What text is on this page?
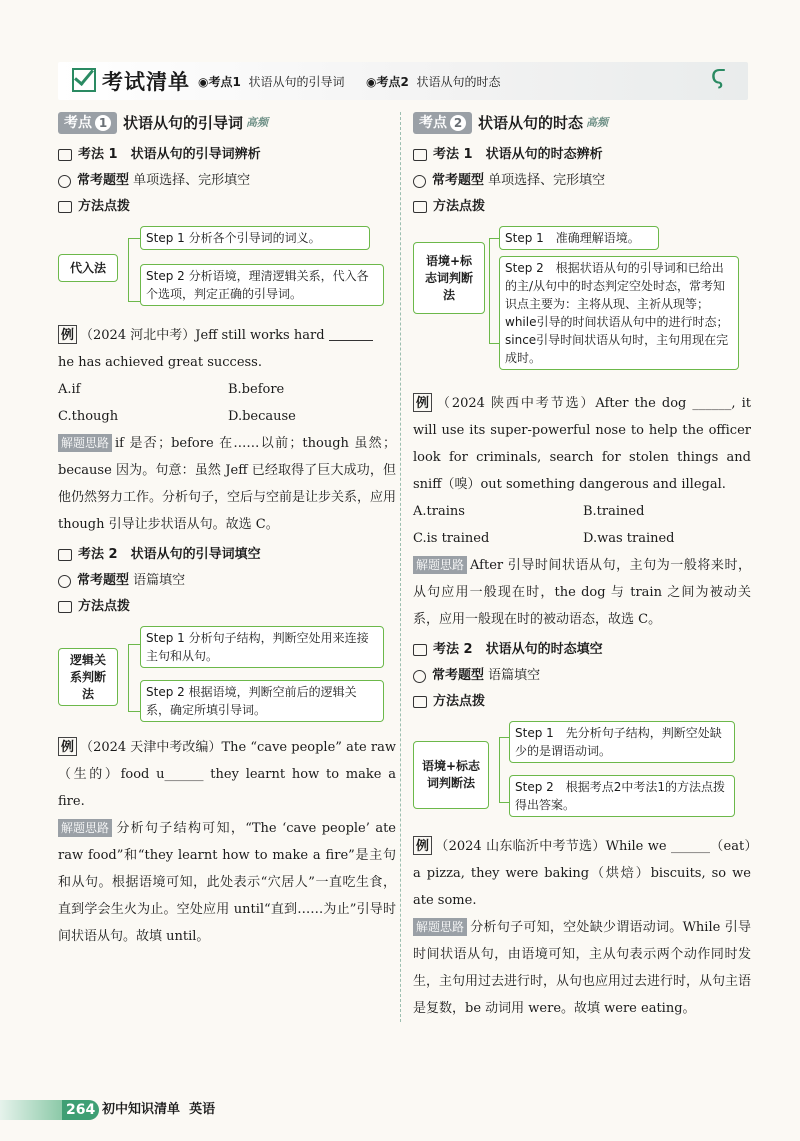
考试清单 ◉考点1 状语从句的引导词 ◉考点2 状语从句的时态	ϛ
考点 1 状语从句的引导词 高频
考法 1　状语从句的引导词辨析
常考题型
单项选择、完形填空
方法点拨
代入法
Step 1 分析各个引导词的词义。
Step 2 分析语境，理清逻辑关系，代入各个选项，判定正确的引导词。
例 （2024 河北中考）Jeff still works hard
he has achieved great success.
A.if	B.before
C.though	D.because
解题思路 if 是否；before 在……以前；though 虽然；because 因为。句意：虽然 Jeff 已经取得了巨大成功，但他仍然努力工作。分析句子，空后与空前是让步关系，应用 though 引导让步状语从句。故选 C。
考法 2　状语从句的引导词填空
常考题型
语篇填空
方法点拨
逻辑关系判断法
Step 1 分析句子结构，判断空处用来连接主句和从句。
Step 2 根据语境，判断空前后的逻辑关系，确定所填引导词。
例 （2024 天津中考改编）The “cave people” ate raw（生的）food u______ they learnt how to make a fire.
解题思路 分析句子结构可知，“The ‘cave people’ ate raw food”和“they learnt how to make a fire”是主句和从句。根据语境可知，此处表示“穴居人”一直吃生食，直到学会生火为止。空处应用 until“直到……为止”引导时间状语从句。故填 until。
考点 2 状语从句的时态 高频
考法 1　状语从句的时态辨析
常考题型
单项选择、完形填空
方法点拨
语境+标志词判断法
Step 1　准确理解语境。
Step 2　根据状语从句的引导词和已给出的主/从句中的时态判定空处时态，常考知识点主要为：主将从现、主祈从现等；while引导的时间状语从句中的进行时态；since引导时间状语从句时，主句用现在完成时。
例 （2024 陕西中考节选）After the dog ______, it will use its super-powerful nose to help the officer look for criminals, search for stolen things and sniff（嗅）out something dangerous and illegal.
A.trains	B.trained
C.is trained	D.was trained
解题思路 After 引导时间状语从句，主句为一般将来时，从句应用一般现在时，the dog 与 train 之间为被动关系，应用一般现在时的被动语态，故选 C。
考法 2　状语从句的时态填空
常考题型
语篇填空
方法点拨
语境+标志词判断法
Step 1　先分析句子结构，判断空处缺少的是谓语动词。
Step 2　根据考点2中考法1的方法点拨得出答案。
例 （2024 山东临沂中考节选）While we ______（eat）a pizza, they were baking（烘焙）biscuits, so we ate some.
解题思路 分析句子可知，空处缺少谓语动词。While 引导时间状语从句，由语境可知，主从句表示两个动作同时发生，主句用过去进行时，从句也应用过去进行时，从句主语是复数，be 动词用 were。故填 were eating。
264 初中知识清单 英语
